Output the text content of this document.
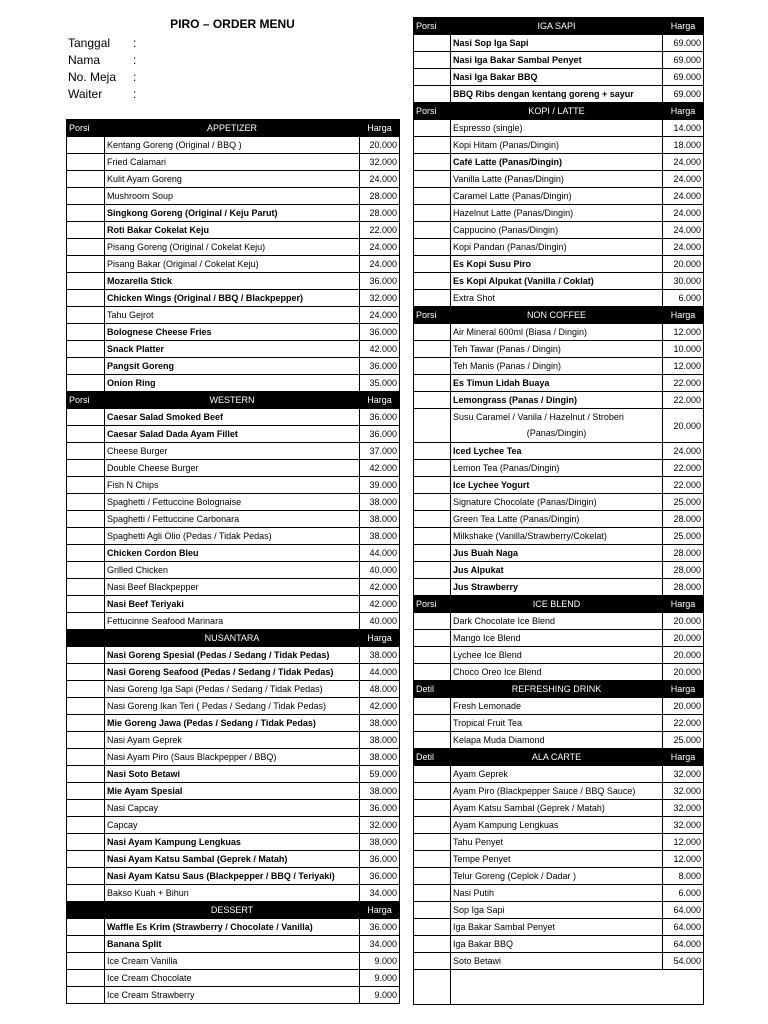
PIRO – ORDER MENU
Tanggal	:
Nama	:
No. Meja	:
Waiter	:
Porsi	APPETIZER	Harga
	Kentang Goreng (Original / BBQ )	20.000
	Fried Calamari	32.000
	Kulit Ayam Goreng	24.000
	Mushroom Soup	28.000
	Singkong Goreng (Original / Keju Parut)	28.000
	Roti Bakar Cokelat Keju	22.000
	Pisang Goreng (Original / Cokelat Keju)	24.000
	Pisang Bakar (Original / Cokelat Keju)	24.000
	Mozarella Stick	36.000
	Chicken Wings (Original / BBQ / Blackpepper)	32.000
	Tahu Gejrot	24.000
	Bolognese Cheese Fries	36.000
	Snack Platter	42.000
	Pangsit Goreng	36.000
	Onion Ring	35.000
Porsi	WESTERN	Harga
	Caesar Salad Smoked Beef	36.000
	Caesar Salad Dada Ayam Fillet	36.000
	Cheese Burger	37.000
	Double Cheese Burger	42.000
	Fish N Chips	39.000
	Spaghetti / Fettuccine Bolognaise	38.000
	Spaghetti / Fettuccine Carbonara	38.000
	Spaghetti Agli Olio (Pedas / Tidak Pedas)	38.000
	Chicken Cordon Bleu	44.000
	Grilled Chicken	40.000
	Nasi Beef Blackpepper	42.000
	Nasi Beef Teriyaki	42.000
	Fettucinne Seafood Marinara	40.000
	NUSANTARA	Harga
	Nasi Goreng Spesial (Pedas / Sedang / Tidak Pedas)	38.000
	Nasi Goreng Seafood (Pedas / Sedang / Tidak Pedas)	44.000
	Nasi Goreng Iga Sapi (Pedas / Sedang / Tidak Pedas)	48.000
	Nasi Goreng Ikan Teri ( Pedas / Sedang / Tidak Pedas)	42.000
	Mie Goreng Jawa (Pedas / Sedang / Tidak Pedas)	38.000
	Nasi Ayam Geprek	38.000
	Nasi Ayam Piro (Saus Blackpepper / BBQ)	38.000
	Nasi Soto Betawi	59.000
	Mie Ayam Spesial	38.000
	Nasi Capcay	36.000
	Capcay	32.000
	Nasi Ayam Kampung Lengkuas	38.000
	Nasi Ayam Katsu Sambal (Geprek / Matah)	36.000
	Nasi Ayam Katsu Saus (Blackpepper / BBQ / Teriyaki)	36.000
	Bakso Kuah + Bihun	34.000
	DESSERT	Harga
	Waffle Es Krim (Strawberry / Chocolate / Vanilla)	36.000
	Banana Split	34.000
	Ice Cream Vanilla	9.000
	Ice Cream Chocolate	9.000
	Ice Cream Strawberry	9.000
Porsi	IGA SAPI	Harga
	Nasi Sop Iga Sapi	69.000
	Nasi Iga Bakar Sambal Penyet	69.000
	Nasi Iga Bakar BBQ	69.000
	BBQ Ribs dengan kentang goreng + sayur	69.000
Porsi	KOPI / LATTE	Harga
	Espresso (single)	14.000
	Kopi Hitam (Panas/Dingin)	18.000
	Café Latte (Panas/Dingin)	24.000
	Vanilla Latte (Panas/Dingin)	24.000
	Caramel Latte (Panas/Dingin)	24.000
	Hazelnut Latte (Panas/Dingin)	24.000
	Cappucino (Panas/Dingin)	24.000
	Kopi Pandan (Panas/Dingin)	24.000
	Es Kopi Susu Piro	20.000
	Es Kopi Alpukat (Vanilla / Coklat)	30.000
	Extra Shot	6.000
Porsi	NON COFFEE	Harga
	Air Mineral 600ml (Biasa / Dingin)	12.000
	Teh Tawar (Panas / Dingin)	10.000
	Teh Manis (Panas / Dingin)	12.000
	Es Timun Lidah Buaya	22.000
	Lemongrass (Panas / Dingin)	22.000

	Susu Caramel / Vanila / Hazelnut / Stroberi
(Panas/Dingin)	20.000
	Iced Lychee Tea	24.000
	Lemon Tea (Panas/Dingin)	22.000
	Ice Lychee Yogurt	22.000
	Signature Chocolate (Panas/Dingin)	25.000
	Green Tea Latte (Panas/Dingin)	28.000
	Milkshake (Vanilla/Strawberry/Cokelat)	25.000
	Jus Buah Naga	28.000
	Jus Alpukat	28.000
	Jus Strawberry	28.000
Porsi	ICE BLEND	Harga
	Dark Chocolate Ice Blend	20.000
	Mango Ice Blend	20.000
	Lychee Ice Blend	20.000
	Choco Oreo Ice Blend	20.000
Detil	REFRESHING DRINK	Harga
	Fresh Lemonade	20.000
	Tropical Fruit Tea	22.000
	Kelapa Muda Diamond	25.000
Detil	ALA CARTE	Harga
	Ayam Geprek	32.000
	Ayam Piro (Blackpepper Sauce / BBQ Sauce)	32.000
	Ayam Katsu Sambal (Geprek / Matah)	32.000
	Ayam Kampung Lengkuas	32.000
	Tahu Penyet	12.000
	Tempe Penyet	12.000
	Telur Goreng (Ceplok / Dadar )	8.000
	Nasi Putih	6.000
	Sop Iga Sapi	64.000
	Iga Bakar Sambal Penyet	64.000
	Iga Bakar BBQ	64.000
	Soto Betawi	54.000
